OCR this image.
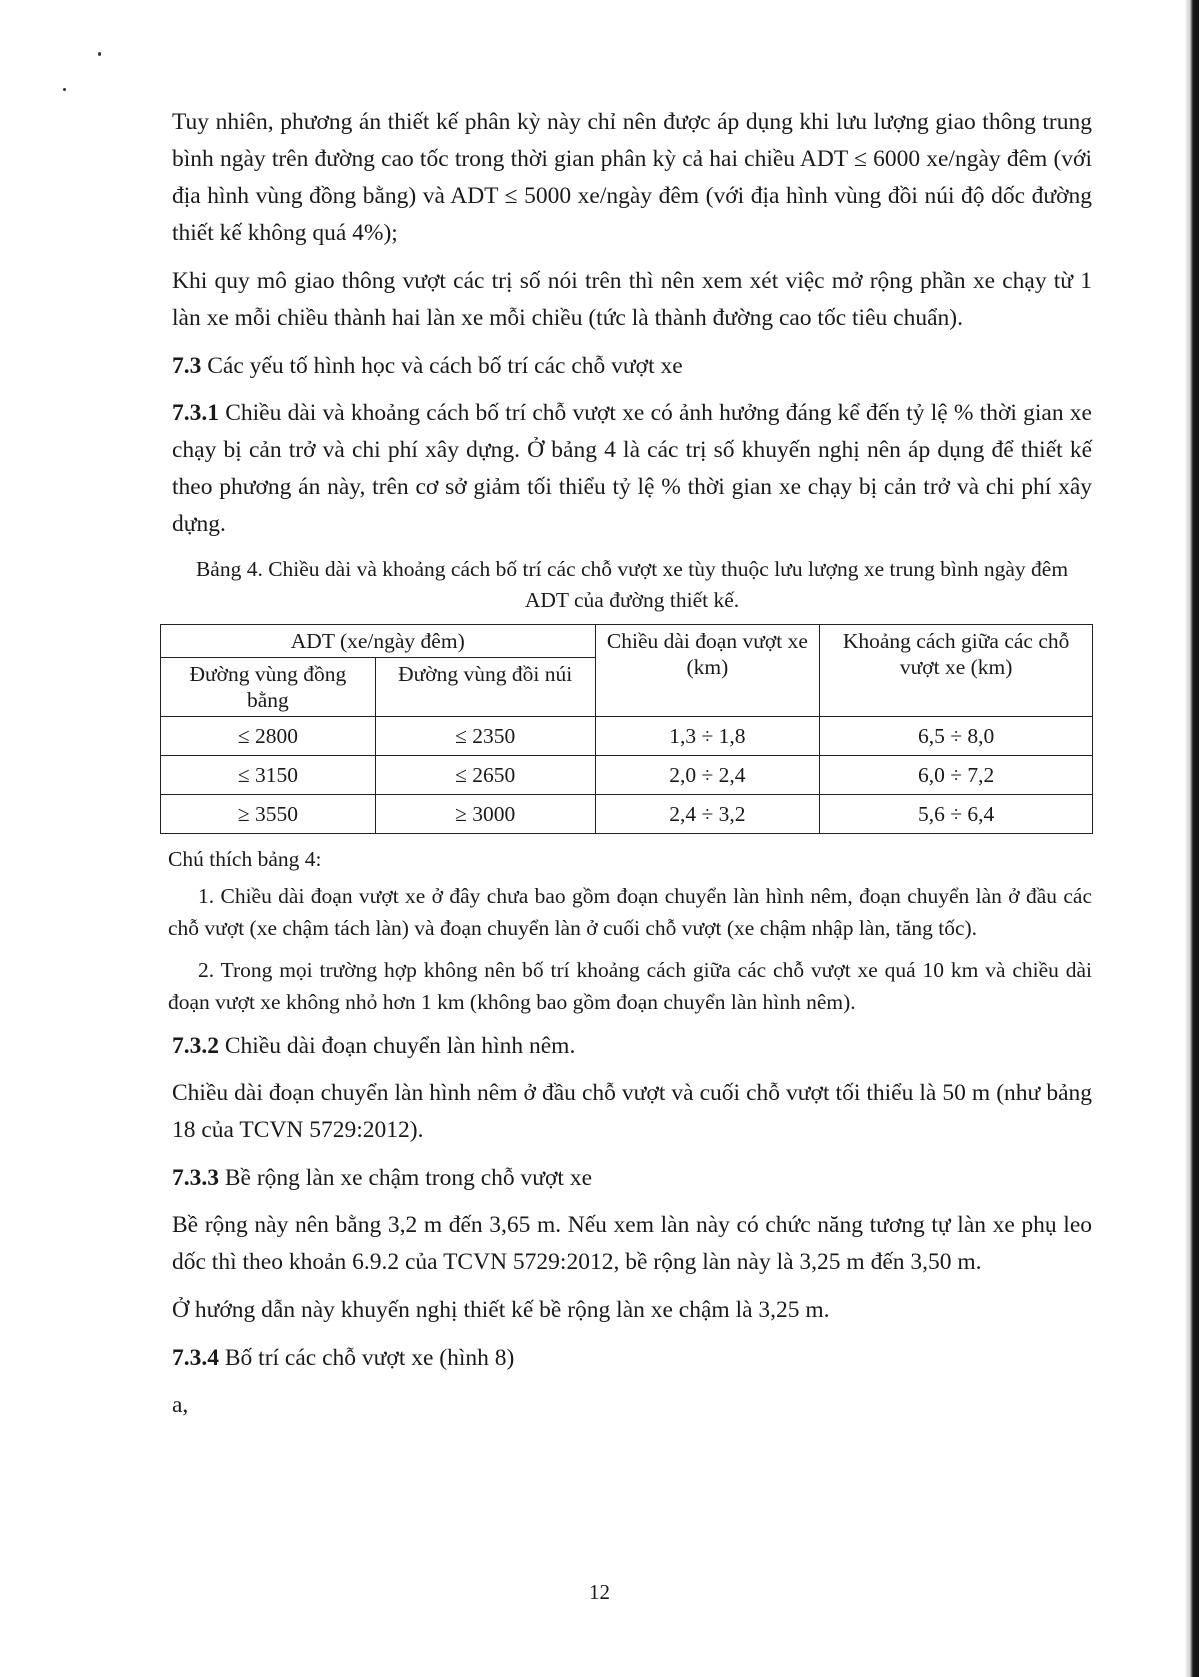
Tuy nhiên, phương án thiết kế phân kỳ này chỉ nên được áp dụng khi lưu lượng giao thông trung bình ngày trên đường cao tốc trong thời gian phân kỳ cả hai chiều ADT ≤ 6000 xe/ngày đêm (với địa hình vùng đồng bằng) và ADT ≤ 5000 xe/ngày đêm (với địa hình vùng đồi núi độ dốc đường thiết kế không quá 4%);

Khi quy mô giao thông vượt các trị số nói trên thì nên xem xét việc mở rộng phần xe chạy từ 1 làn xe mỗi chiều thành hai làn xe mỗi chiều (tức là thành đường cao tốc tiêu chuẩn).

7.3 Các yếu tố hình học và cách bố trí các chỗ vượt xe

7.3.1 Chiều dài và khoảng cách bố trí chỗ vượt xe có ảnh hưởng đáng kể đến tỷ lệ % thời gian xe chạy bị cản trở và chi phí xây dựng. Ở bảng 4 là các trị số khuyến nghị nên áp dụng để thiết kế theo phương án này, trên cơ sở giảm tối thiểu tỷ lệ % thời gian xe chạy bị cản trở và chi phí xây dựng.

Bảng 4. Chiều dài và khoảng cách bố trí các chỗ vượt xe tùy thuộc lưu lượng xe trung bình ngày đêm ADT của đường thiết kế.

ADT (xe/ngày đêm)		Chiều dài đoạn vượt xe (km)	Khoảng cách giữa các chỗ vượt xe (km)
Đường vùng đồng bằng	Đường vùng đồi núi		
≤ 2800	≤ 2350	1,3 ÷ 1,8	6,5 ÷ 8,0
≤ 3150	≤ 2650	2,0 ÷ 2,4	6,0 ÷ 7,2
≥ 3550	≥ 3000	2,4 ÷ 3,2	5,6 ÷ 6,4

Chú thích bảng 4:

1. Chiều dài đoạn vượt xe ở đây chưa bao gồm đoạn chuyển làn hình nêm, đoạn chuyển làn ở đầu các chỗ vượt (xe chậm tách làn) và đoạn chuyển làn ở cuối chỗ vượt (xe chậm nhập làn, tăng tốc).

2. Trong mọi trường hợp không nên bố trí khoảng cách giữa các chỗ vượt xe quá 10 km và chiều dài đoạn vượt xe không nhỏ hơn 1 km (không bao gồm đoạn chuyển làn hình nêm).

7.3.2 Chiều dài đoạn chuyển làn hình nêm.

Chiều dài đoạn chuyển làn hình nêm ở đầu chỗ vượt và cuối chỗ vượt tối thiểu là 50 m (như bảng 18 của TCVN 5729:2012).

7.3.3 Bề rộng làn xe chậm trong chỗ vượt xe

Bề rộng này nên bằng 3,2 m đến 3,65 m. Nếu xem làn này có chức năng tương tự làn xe phụ leo dốc thì theo khoản 6.9.2 của TCVN 5729:2012, bề rộng làn này là 3,25 m đến 3,50 m.

Ở hướng dẫn này khuyến nghị thiết kế bề rộng làn xe chậm là 3,25 m.

7.3.4 Bố trí các chỗ vượt xe (hình 8)

a,

12
